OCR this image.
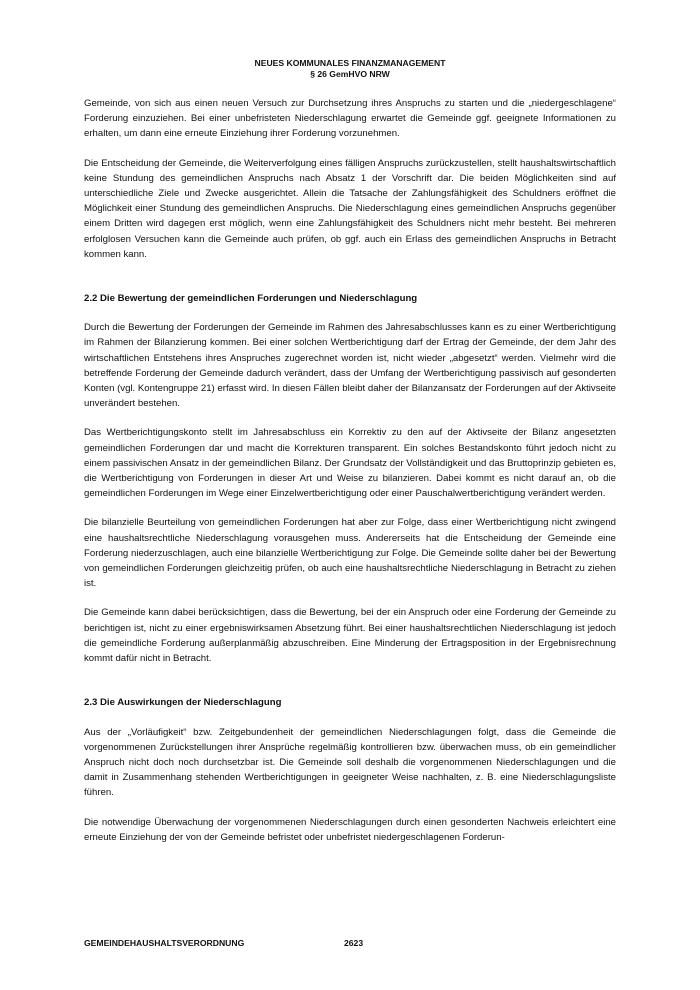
NEUES KOMMUNALES FINANZMANAGEMENT
§ 26 GemHVO NRW

Gemeinde, von sich aus einen neuen Versuch zur Durchsetzung ihres Anspruchs zu starten und die „niedergeschlagene“ Forderung einzuziehen. Bei einer unbefristeten Niederschlagung erwartet die Gemeinde ggf. geeignete Informationen zu erhalten, um dann eine erneute Einziehung ihrer Forderung vorzunehmen.

Die Entscheidung der Gemeinde, die Weiterverfolgung eines fälligen Anspruchs zurückzustellen, stellt haushaltswirtschaftlich keine Stundung des gemeindlichen Anspruchs nach Absatz 1 der Vorschrift dar. Die beiden Möglichkeiten sind auf unterschiedliche Ziele und Zwecke ausgerichtet. Allein die Tatsache der Zahlungsfähigkeit des Schuldners eröffnet die Möglichkeit einer Stundung des gemeindlichen Anspruchs. Die Niederschlagung eines gemeindlichen Anspruchs gegenüber einem Dritten wird dagegen erst möglich, wenn eine Zahlungsfähigkeit des Schuldners nicht mehr besteht. Bei mehreren erfolglosen Versuchen kann die Gemeinde auch prüfen, ob ggf. auch ein Erlass des gemeindlichen Anspruchs in Betracht kommen kann.

2.2 Die Bewertung der gemeindlichen Forderungen und Niederschlagung

Durch die Bewertung der Forderungen der Gemeinde im Rahmen des Jahresabschlusses kann es zu einer Wertberichtigung im Rahmen der Bilanzierung kommen. Bei einer solchen Wertberichtigung darf der Ertrag der Gemeinde, der dem Jahr des wirtschaftlichen Entstehens ihres Anspruches zugerechnet worden ist, nicht wieder „abgesetzt“ werden. Vielmehr wird die betreffende Forderung der Gemeinde dadurch verändert, dass der Umfang der Wertberichtigung passivisch auf gesonderten Konten (vgl. Kontengruppe 21) erfasst wird. In diesen Fällen bleibt daher der Bilanzansatz der Forderungen auf der Aktivseite unverändert bestehen.

Das Wertberichtigungskonto stellt im Jahresabschluss ein Korrektiv zu den auf der Aktivseite der Bilanz angesetzten gemeindlichen Forderungen dar und macht die Korrekturen transparent. Ein solches Bestandskonto führt jedoch nicht zu einem passivischen Ansatz in der gemeindlichen Bilanz. Der Grundsatz der Vollständigkeit und das Bruttoprinzip gebieten es, die Wertberichtigung von Forderungen in dieser Art und Weise zu bilanzieren. Dabei kommt es nicht darauf an, ob die gemeindlichen Forderungen im Wege einer Einzelwertberichtigung oder einer Pauschalwertberichtigung verändert werden.

Die bilanzielle Beurteilung von gemeindlichen Forderungen hat aber zur Folge, dass einer Wertberichtigung nicht zwingend eine haushaltsrechtliche Niederschlagung vorausgehen muss. Andererseits hat die Entscheidung der Gemeinde eine Forderung niederzuschlagen, auch eine bilanzielle Wertberichtigung zur Folge. Die Gemeinde sollte daher bei der Bewertung von gemeindlichen Forderungen gleichzeitig prüfen, ob auch eine haushaltsrechtliche Niederschlagung in Betracht zu ziehen ist.

Die Gemeinde kann dabei berücksichtigen, dass die Bewertung, bei der ein Anspruch oder eine Forderung der Gemeinde zu berichtigen ist, nicht zu einer ergebniswirksamen Absetzung führt. Bei einer haushaltsrechtlichen Niederschlagung ist jedoch die gemeindliche Forderung außerplanmäßig abzuschreiben. Eine Minderung der Ertragsposition in der Ergebnisrechnung kommt dafür nicht in Betracht.

2.3 Die Auswirkungen der Niederschlagung

Aus der „Vorläufigkeit“ bzw. Zeitgebundenheit der gemeindlichen Niederschlagungen folgt, dass die Gemeinde die vorgenommenen Zurückstellungen ihrer Ansprüche regelmäßig kontrollieren bzw. überwachen muss, ob ein gemeindlicher Anspruch nicht doch noch durchsetzbar ist. Die Gemeinde soll deshalb die vorgenommenen Niederschlagungen und die damit in Zusammenhang stehenden Wertberichtigungen in geeigneter Weise nachhalten, z. B. eine Niederschlagungsliste führen.

Die notwendige Überwachung der vorgenommenen Niederschlagungen durch einen gesonderten Nachweis erleichtert eine erneute Einziehung der von der Gemeinde befristet oder unbefristet niedergeschlagenen Forderun-

GEMEINDEHAUSHALTSVERORDNUNG	2623
